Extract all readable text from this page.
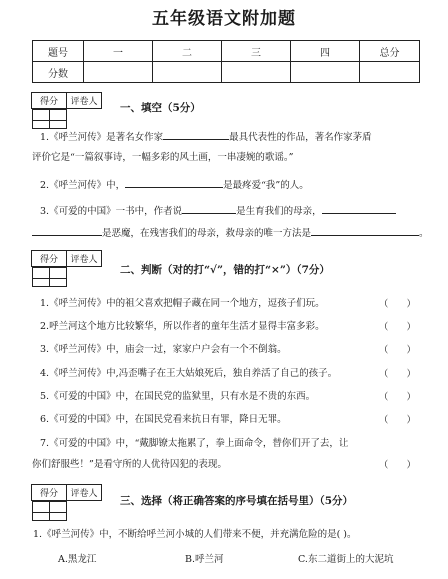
五年级语文附加题
题号	一	二	三	四	总分
分数					
得分	评卷人
	一、填空（5分）
1.《呼兰河传》是著名女作家	最具代表性的作品，著名作家茅盾
评价它是“一篇叙事诗，一幅多彩的风土画，一串凄婉的歌谣。”
2.《呼兰河传》中，	是最疼爱“我”的人。
3.《可爱的中国》一书中，作者说	是生育我们的母亲，
是恶魔，在残害我们的母亲，救母亲的唯一方法是	。
得分	评卷人

二、判断（对的打“√”，错的打“×”）（7分）
1.《呼兰河传》中的祖父喜欢把帽子藏在同一个地方，逗孩子们玩。	（      ）
2.呼兰河这个地方比较繁华，所以作者的童年生活才显得丰富多彩。	（      ）
3.《呼兰河传》中，庙会一过，家家户户会有一个不倒翁。	（      ）
4.《呼兰河传》中,冯歪嘴子在王大姑娘死后，独自养活了自己的孩子。	（      ）
5.《可爱的中国》中，在国民党的监狱里，只有水是不贵的东西。	（      ）
6.《可爱的中国》中，在国民党看来抗日有罪，降日无罪。	（      ）
7.《可爱的中国》中，“戴脚镣太拖累了，拳上面命令，替你们开了去，让
你们舒服些！”是看守所的人优待囚犯的表现。	（      ）
得分	评卷人

三、选择（将正确答案的序号填在括号里）（5分）
1.《呼兰河传》中，不断给呼兰河小城的人们带来不便，并充满危险的是( )。
A.黑龙江	B.呼兰河	C.东二道街上的大泥坑
